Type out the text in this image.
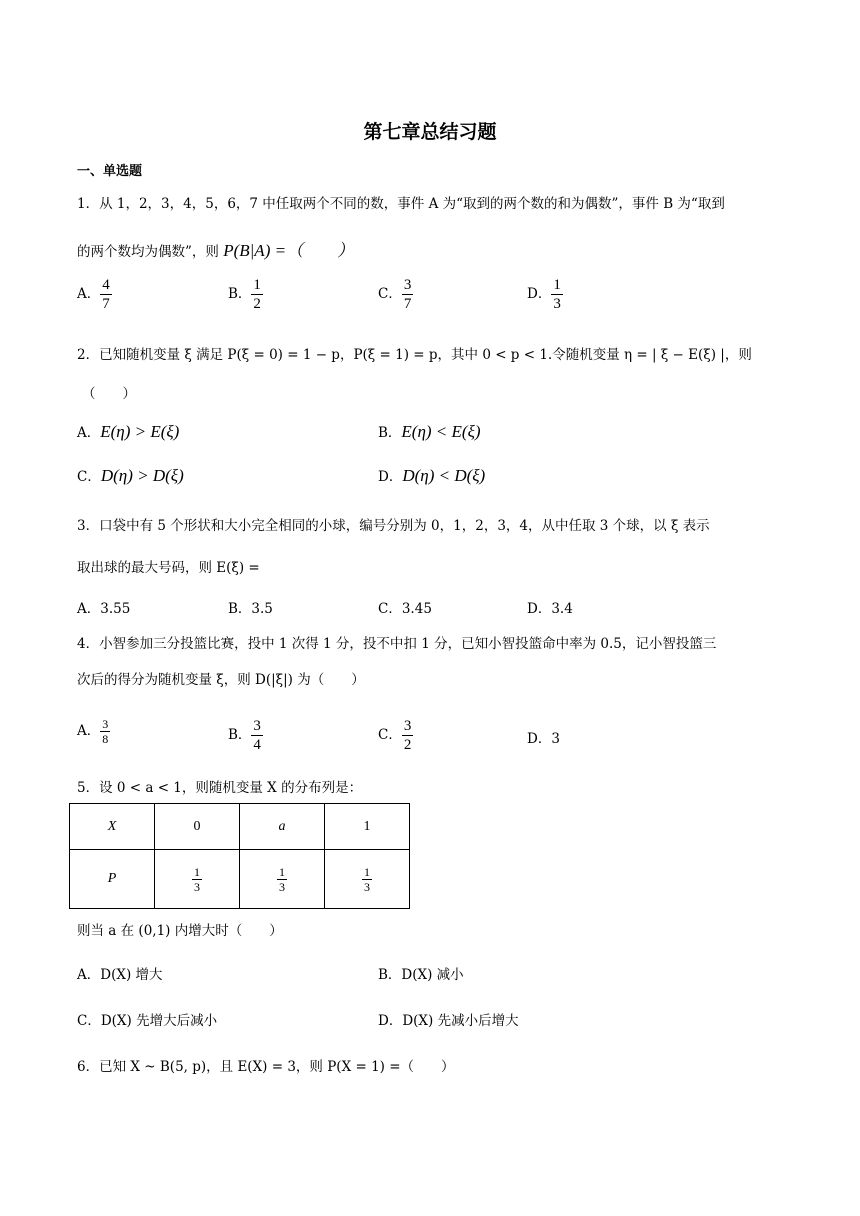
第七章总结习题
一、单选题
1．从 1，2，3，4，5，6，7 中任取两个不同的数，事件 A 为“取到的两个数的和为偶数”，事件 B 为“取到
的两个数均为偶数”，则 P(B|A) =（　　）
A． $\frac{4}{7}$	B． $\frac{1}{2}$	C． $\frac{3}{7}$	D． $\frac{1}{3}$
2．已知随机变量 ξ 满足 P(ξ = 0) = 1 − p，P(ξ = 1) = p，其中 0 < p < 1.令随机变量 η = | ξ − E(ξ) |，则
（　　）
A．E(η) > E(ξ)	B．E(η) < E(ξ)
C．D(η) > D(ξ)	D．D(η) < D(ξ)
3．口袋中有 5 个形状和大小完全相同的小球，编号分别为 0，1，2，3，4，从中任取 3 个球，以 ξ 表示
取出球的最大号码，则 E(ξ) =
A．3.55	B．3.5	C．3.45	D．3.4
4．小智参加三分投篮比赛，投中 1 次得 1 分，投不中扣 1 分，已知小智投篮命中率为 0.5，记小智投篮三
次后的得分为随机变量 ξ，则 D(|ξ|) 为（　　）
A． $\frac{3}{8}$	B． $\frac{3}{4}$	C． $\frac{3}{2}$	D．3
5．设 0 < a < 1，则随机变量 X 的分布列是：
X	0	a	1
P	$\frac{1}{3}$	$\frac{1}{3}$	$\frac{1}{3}$
则当 a 在 (0,1) 内增大时（　　）
A．D(X) 增大	B．D(X) 减小
C．D(X) 先增大后减小	D．D(X) 先减小后增大
6．已知 X ~ B(5, p)，且 E(X) = 3，则 P(X = 1) =（　　）
